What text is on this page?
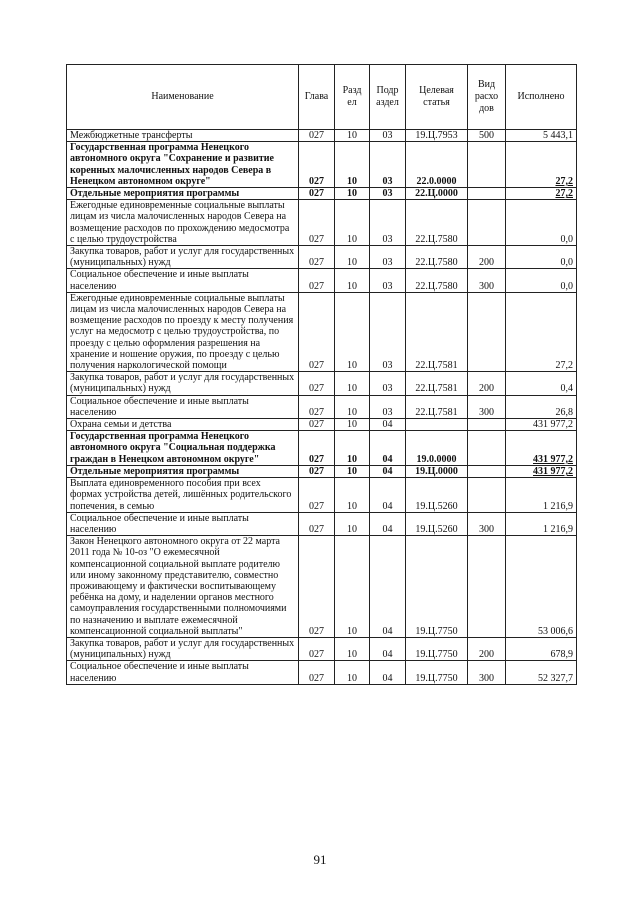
Наименование	Глава	Разд ел	Подр аздел	Целевая статья	Вид расхо дов	Исполнено
Межбюджетные трансферты	027	10	03	19.Ц.7953	500	5 443,1
Государственная программа Ненецкого автономного округа "Сохранение и развитие коренных малочисленных народов Севера в Ненецком автономном округе"	027	10	03	22.0.0000		27,2
Отдельные мероприятия программы	027	10	03	22.Ц.0000		27,2
Ежегодные единовременные социальные выплаты лицам из числа малочисленных народов Севера на возмещение расходов по прохождению медосмотра с целью трудоустройства	027	10	03	22.Ц.7580		0,0
Закупка товаров, работ и услуг для государственных (муниципальных) нужд	027	10	03	22.Ц.7580	200	0,0
Социальное обеспечение и иные выплаты населению	027	10	03	22.Ц.7580	300	0,0
Ежегодные единовременные социальные выплаты лицам из числа малочисленных народов Севера на возмещение расходов по проезду к месту получения услуг на медосмотр с целью трудоустройства, по проезду с целью оформления разрешения на хранение и ношение оружия, по проезду с целью получения наркологической помощи	027	10	03	22.Ц.7581		27,2
Закупка товаров, работ и услуг для государственных (муниципальных) нужд	027	10	03	22.Ц.7581	200	0,4
Социальное обеспечение и иные выплаты населению	027	10	03	22.Ц.7581	300	26,8
Охрана семьи и детства	027	10	04			431 977,2
Государственная программа Ненецкого автономного округа "Социальная поддержка граждан в Ненецком автономном округе"	027	10	04	19.0.0000		431 977,2
Отдельные мероприятия программы	027	10	04	19.Ц.0000		431 977,2
Выплата единовременного пособия при всех формах устройства детей, лишённых родительского попечения, в семью	027	10	04	19.Ц.5260		1 216,9
Социальное обеспечение и иные выплаты населению	027	10	04	19.Ц.5260	300	1 216,9
Закон Ненецкого автономного округа от 22 марта 2011 года № 10-оз "О ежемесячной компенсационной социальной выплате родителю или иному законному представителю, совместно проживающему и фактически воспитывающему ребёнка на дому, и наделении органов местного самоуправления государственными полномочиями по назначению и выплате ежемесячной компенсационной социальной выплаты"	027	10	04	19.Ц.7750		53 006,6
Закупка товаров, работ и услуг для государственных (муниципальных) нужд	027	10	04	19.Ц.7750	200	678,9
Социальное обеспечение и иные выплаты населению	027	10	04	19.Ц.7750	300	52 327,7
91
